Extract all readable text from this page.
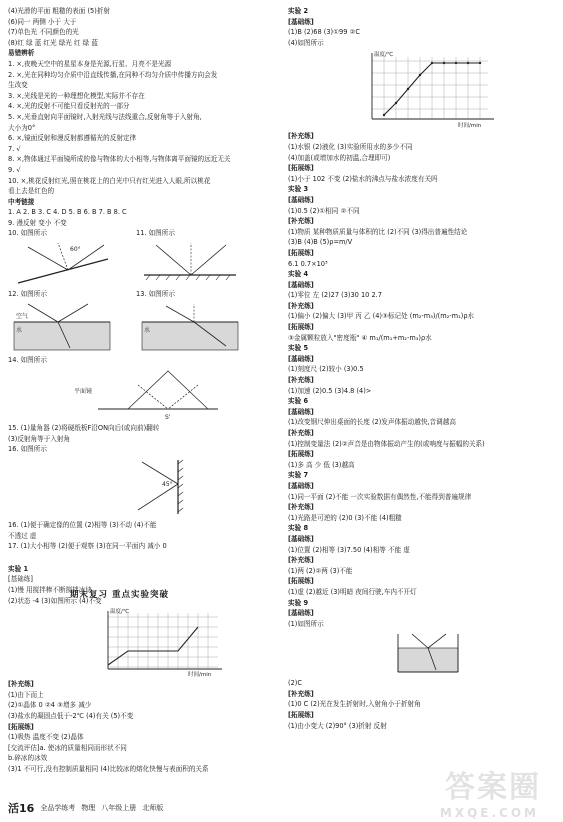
(4)光滑的平面 粗糙的表面 (5)折射
(6)同一 两侧 小于 大于
(7)单色光 不同颜色的光
(8)红 绿 蓝 红光 绿光 红 绿 蓝
易错辨析
1. ×,夜晚天空中的星星本身是光源,行星、月亮不是光源
2. ×,光在同种均匀介质中沿直线传播,在同种不均匀介质中传播方向会发
生改变
3. ×,光线是光的一种理想化模型,实际并不存在
4. ×,光的反射不可能只看反射光的一部分
5. ×,光垂直射向平面镜时,入射光线与法线重合,反射角等于入射角,
大小为0°
6. ×,镜面反射和漫反射都遵循光的反射定律
7. √
8. ×,物体通过平面镜所成的像与物体的大小相等,与物体离平面镜的远近无关
9. √
10. ×,桃花反射红光,照在桃花上的白光中只有红光进入人眼,所以桃花
看上去是红色的
中考链接
1. A 2. B 3. C 4. D 5. B 6. B 7. B 8. C
9. 漫反射 变小 不变
10. 如图所示
60°
11. 如图所示
12. 如图所示
空气
水
13. 如图所示
水
14. 如图所示
平面镜
S'
15. (1)量角器 (2)将硬纸板F沿ON向后(或向前)翻转
(3)反射角等于入射角
16. 如图所示
45°
16. (1)便于确定像的位置 (2)相等 (3)不动 (4)不能
不透过 虚
17. (1)大小相等 (2)便于观察 (3)在同一平面内 减小 0
实验 1
[基础练]
(1)慢 用搅拌棒不断搅拌冰块
(2)状态 -4 (3)如图所示 (4)不变
温度/℃
时间/min
[补充练]
(1)由下而上
(2)①晶体 0 ②4 ③增多 减少
(3)盐水的凝固点低于-2℃ (4)有关 (5)不变
[拓展练]
(1)吸热 温度不变 (2)晶体
[交流评估]a. 使冰的质量相同而形状不同
b.碎冰的冰效
(3)1 不可行,没有控制质量相同 (4)比较冰的熔化快慢与表面积的关系
期末复习 重点实验突破
实验 2
[基础练]
(1)B (2)68 (3)①99 ②C
(4)如图所示
温度/℃
时间/min
[补充练]
(1)水银 (2)液化 (3)实验所用水的多少不同
(4)加盖(或增加水的初温,合理即可)
[拓展练]
(1)小于 102 不变 (2)盐水的沸点与盐水浓度有关吗
实验 3
[基础练]
(1)0.5 (2)①相同 ②不同
[补充练]
(1)物质 某种物质质量与体积的比 (2)不同 (3)得出普遍性结论
(3)B (4)B (5)ρ=m/V
[拓展练]
6.1 0.7×10³
实验 4
[基础练]
(1)零位 左 (2)27 (3)30 10 2.7
[补充练]
(1)偏小 (2)偏大 (3)甲 丙 乙 (4)③标记处 (m₂-m₃)/(m₂-m₁)ρ水
[拓展练]
③金属颗粒放入"密度瓶" ④ m₁/(m₁+m₂-m₃)ρ水
实验 5
[基础练]
(1)刻度尺 (2)较小 (3)0.5
[补充练]
(1)加速 (2)0.5 (3)4.8 (4)>
实验 6
[基础练]
(1)改变钢尺伸出桌面的长度 (2)发声体振动越快,音调越高
[补充练]
(1)控制变量法 (2)②声音是由物体振动产生的(或响度与振幅的关系)
[拓展练]
(1)多 高 少 低 (3)越高
实验 7
[基础练]
(1)同一平面 (2)不能 一次实验数据有偶然性,不能得到普遍规律
[补充练]
(1)光路是可逆的 (2)0 (3)不能 (4)粗糙
实验 8
[基础练]
(1)位置 (2)相等 (3)7.50 (4)相等 不能 虚
[补充练]
(1)两 (2)②两 (3)不能
[拓展练]
(1)虚 (2)越近 (3)明暗 夜间行驶,车内不开灯
实验 9
[基础练]
(1)如图所示
(2)C
[补充练]
(1)0 C (2)光在发生折射时,入射角小于折射角
[拓展练]
(1)由小变大 (2)90° (3)折射 反射
活16 全品学练考 物理 八年级上册 北师版
答案圈
MXQE.COM
